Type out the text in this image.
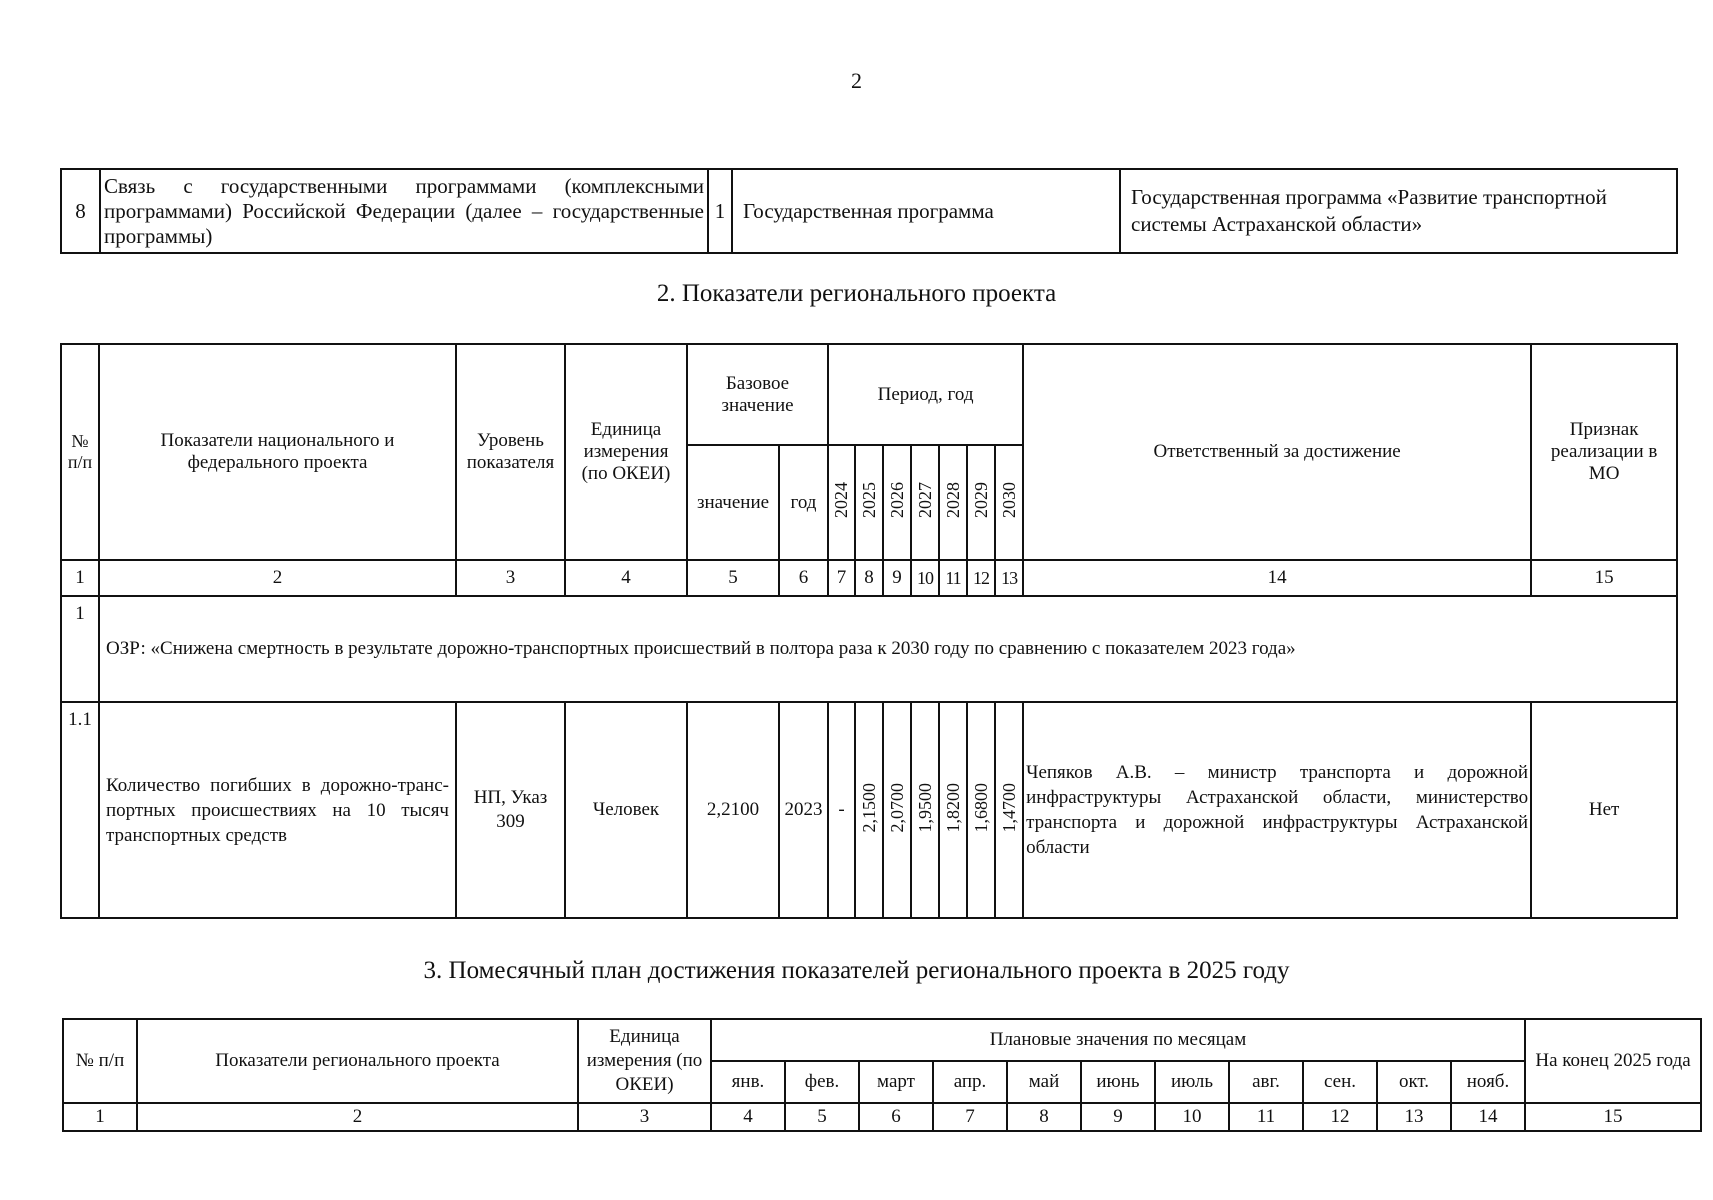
2
8	Связь с государственными программами (комплексными программами) Российской Федерации (далее – государственные программы)	1	Государственная программа	Государственная программа «Развитие транспортной системы Астраханской области»
2. Показатели регионального проекта
№ п/п	Показатели национального и федерального проекта	Уровень показателя	Единица измерения (по ОКЕИ)	Базовое значение		Период, год							Ответственный за достижение	Признак реализации в МО
				значение	год	2024	2025	2026	2027	2028	2029	2030		
1	2	3	4	5	6	7	8	9	10	11	12	13	14	15
1	ОЗР: «Снижена смертность в результате дорожно-транспортных происшествий в полтора раза к 2030 году по сравнению с показателем 2023 года»													
1.1	Количество погибших в дорожно-транс-портных происшествиях на 10 тысяч транспортных средств	НП, Указ 309	Человек	2,2100	2023	-	2,1500	2,0700	1,9500	1,8200	1,6800	1,4700	Чепяков А.В. – министр транспорта и дорожной инфраструктуры Астраханской области, министерство транспорта и дорожной инфраструктуры Астраханской области	Нет
3. Помесячный план достижения показателей регионального проекта в 2025 году
№ п/п	Показатели регионального проекта	Единица измерения (по ОКЕИ)	Плановые значения по месяцам											На конец 2025 года
			янв.	фев.	март	апр.	май	июнь	июль	авг.	сен.	окт.	нояб.	
1	2	3	4	5	6	7	8	9	10	11	12	13	14	15
